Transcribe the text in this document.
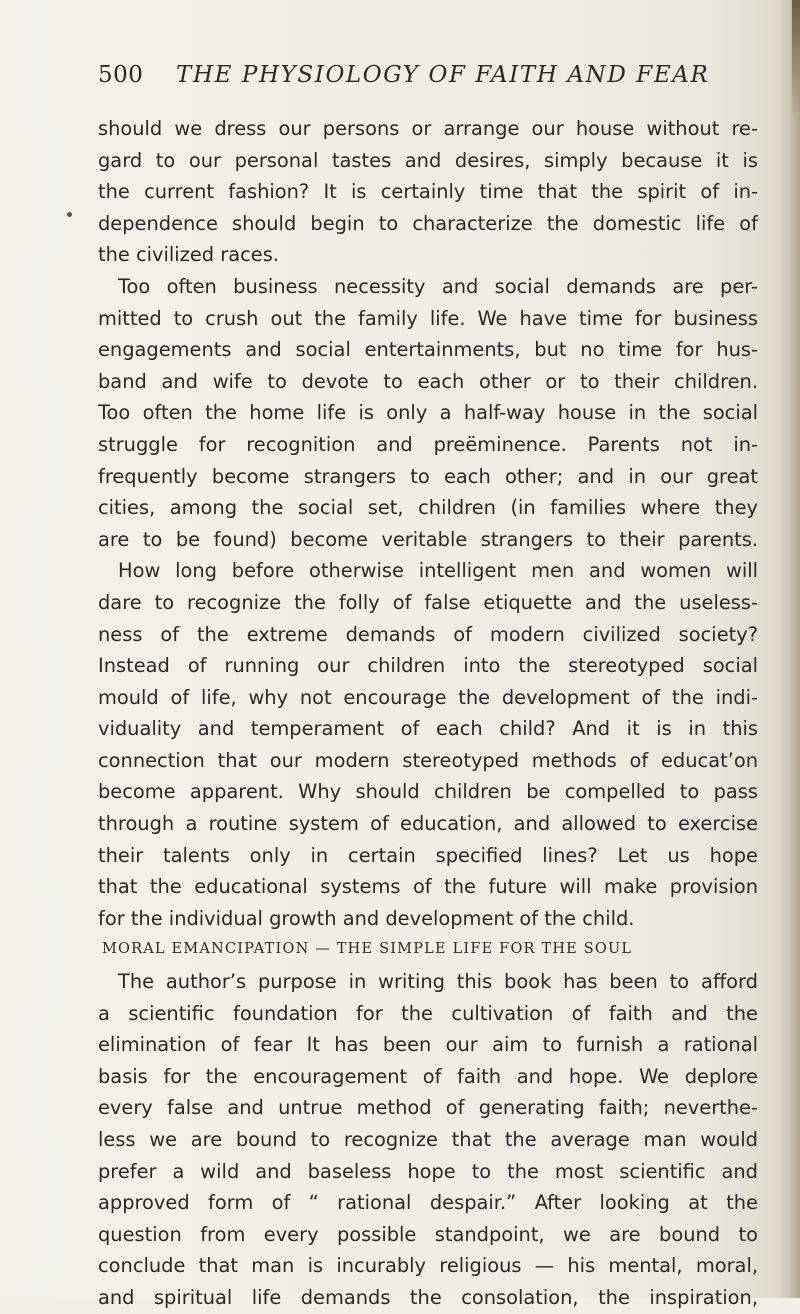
500 THE PHYSIOLOGY OF FAITH AND FEAR
should we dress our persons or arrange our house without re-
gard to our personal tastes and desires, simply because it is
the current fashion? It is certainly time that the spirit of in-
dependence should begin to characterize the domestic life of
the civilized races.
Too often business necessity and social demands are per-
mitted to crush out the family life. We have time for business
engagements and social entertainments, but no time for hus-
band and wife to devote to each other or to their children.
Too often the home life is only a half-way house in the social
struggle for recognition and preëminence. Parents not in-
frequently become strangers to each other; and in our great
cities, among the social set, children (in families where they
are to be found) become veritable strangers to their parents.
How long before otherwise intelligent men and women will
dare to recognize the folly of false etiquette and the useless-
ness of the extreme demands of modern civilized society?
Instead of running our children into the stereotyped social
mould of life, why not encourage the development of the indi-
viduality and temperament of each child? And it is in this
connection that our modern stereotyped methods of educat’on
become apparent. Why should children be compelled to pass
through a routine system of education, and allowed to exercise
their talents only in certain specified lines? Let us hope
that the educational systems of the future will make provision
for the individual growth and development of the child.
MORAL EMANCIPATION — THE SIMPLE LIFE FOR THE SOUL
The author’s purpose in writing this book has been to afford
a scientific foundation for the cultivation of faith and the
elimination of fear It has been our aim to furnish a rational
basis for the encouragement of faith and hope. We deplore
every false and untrue method of generating faith; neverthe-
less we are bound to recognize that the average man would
prefer a wild and baseless hope to the most scientific and
approved form of “ rational despair.” After looking at the
question from every possible standpoint, we are bound to
conclude that man is incurably religious — his mental, moral,
and spiritual life demands the consolation, the inspiration,
